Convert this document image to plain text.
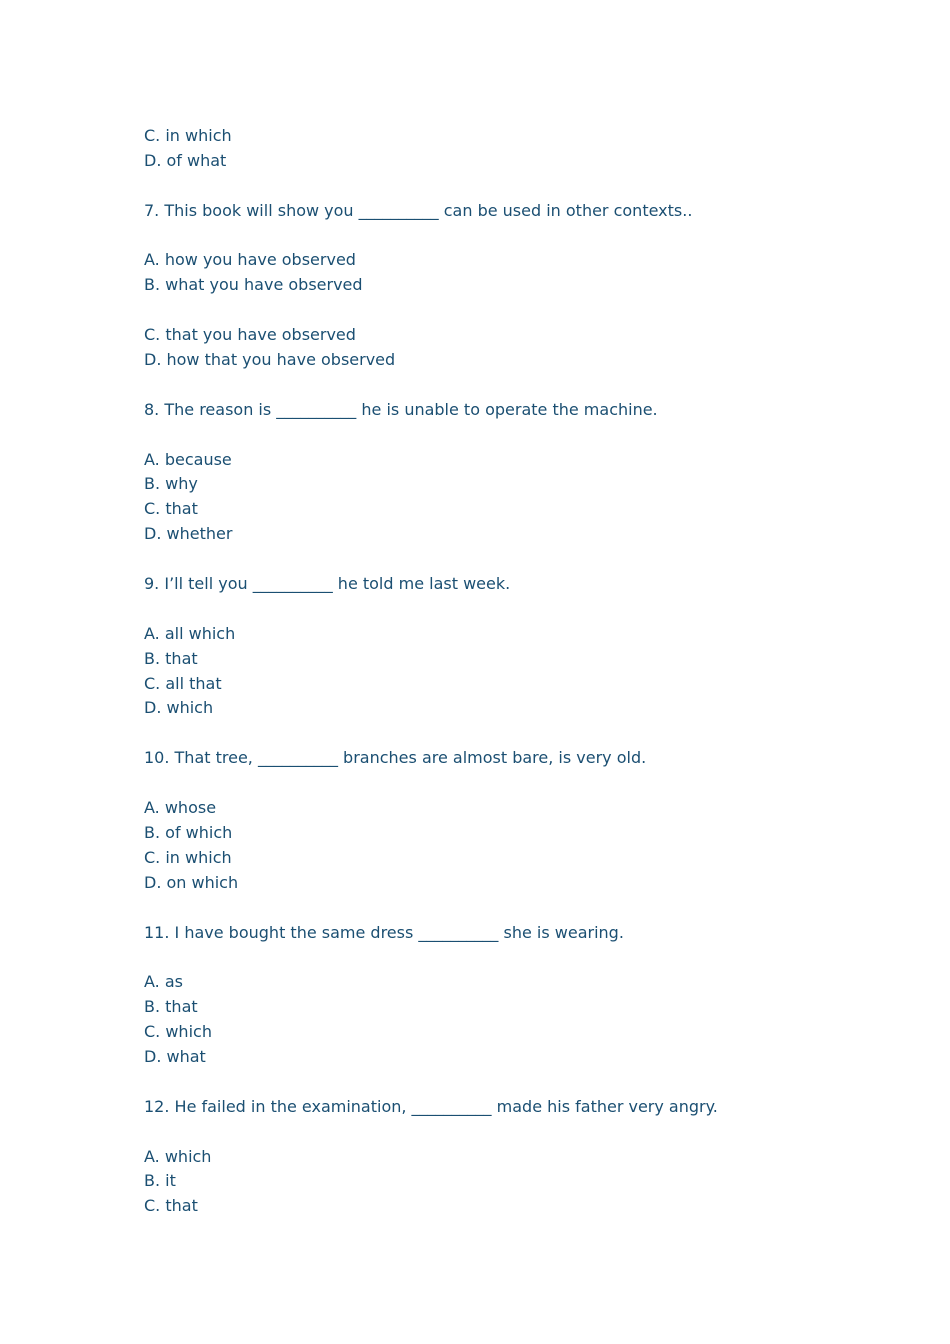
C. in which
D. of what
7. This book will show you __________ can be used in other contexts..
A. how you have observed
B. what you have observed
C. that you have observed
D. how that you have observed
8. The reason is __________ he is unable to operate the machine.
A. because
B. why
C. that
D. whether
9. I’ll tell you __________ he told me last week.
A. all which
B. that
C. all that
D. which
10. That tree, __________ branches are almost bare, is very old.
A. whose
B. of which
C. in which
D. on which
11. I have bought the same dress __________ she is wearing.
A. as
B. that
C. which
D. what
12. He failed in the examination, __________ made his father very angry.
A. which
B. it
C. that
